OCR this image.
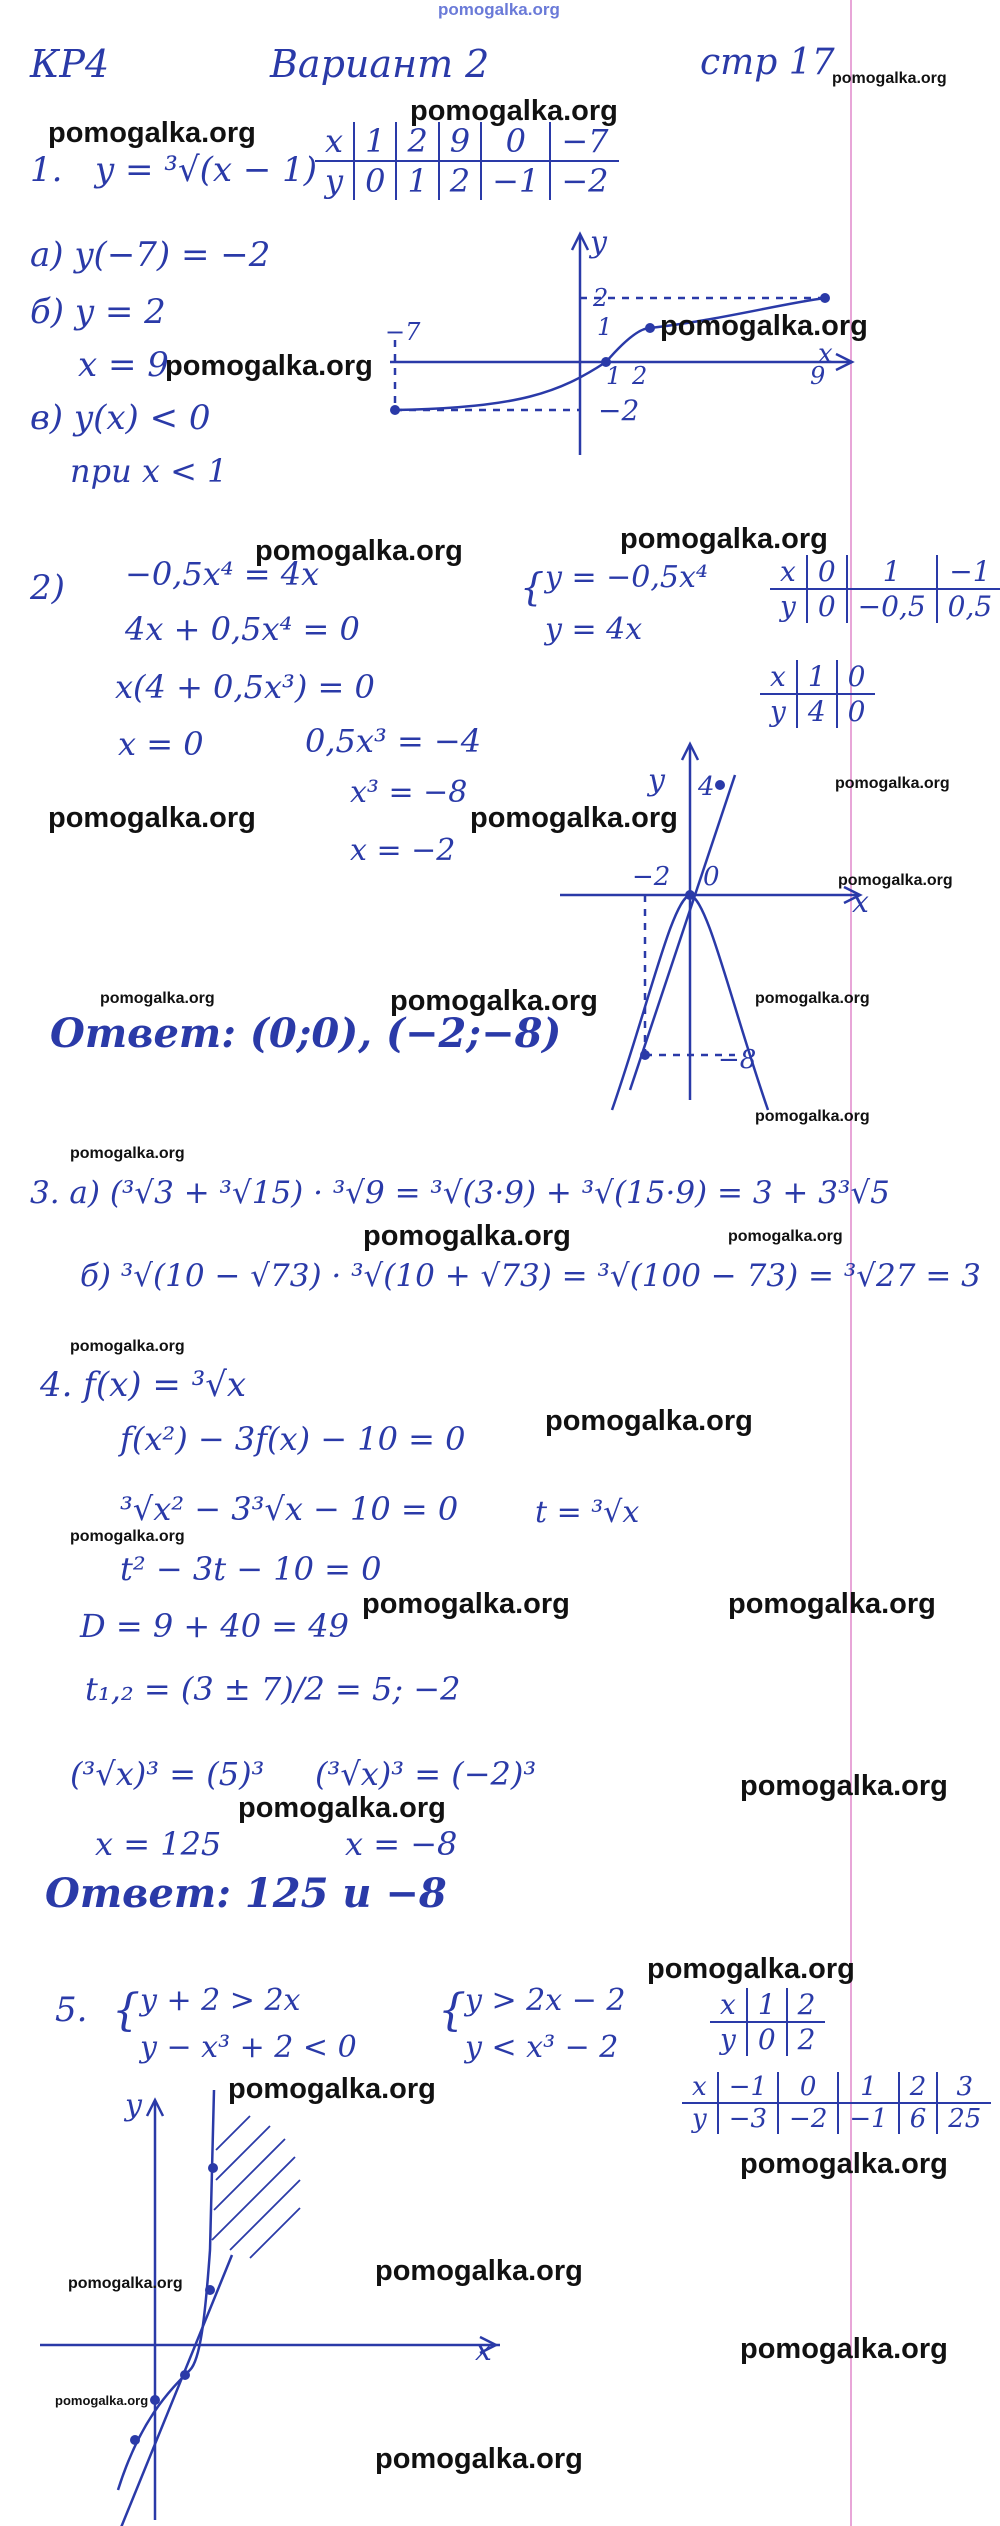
pomogalka.org
КР4	Вариант 2	стр 17
1. y = ³√(x − 1)
x	1	2	9	0	−7
y	0	1	2	−1	−2
а) y(−7) = −2
б) y = 2
x = 9
в) y(x) < 0
при x < 1
y
x
2
1
−7
1 2	9
−2
2) −0,5x⁴ = 4x
4x + 0,5x⁴ = 0
x(4 + 0,5x³) = 0
x = 0	0,5x³ = −4
x³ = −8
x = −2
{ y = −0,5x⁴
y = 4x
x	0	1	−1
y	0	−0,5	0,5
x	1	0
y	4	0
Ответ: (0;0), (−2;−8)
y
x
4
−2 0
−8
3. а) (³√3 + ³√15) · ³√9 = ³√(3·9) + ³√(15·9) = 3 + 3³√5
б) ³√(10 − √73) · ³√(10 + √73) = ³√(100 − 73) = ³√27 = 3
4. f(x) = ³√x
f(x²) − 3f(x) − 10 = 0
³√x² − 3³√x − 10 = 0	t = ³√x
t² − 3t − 10 = 0
D = 9 + 40 = 49
t₁,₂ = (3 ± 7)/2 = 5; −2
(³√x)³ = (5)³ (³√x)³ = (−2)³
x = 125	x = −8
Ответ: 125 и −8
5. { y + 2 > 2x
y − x³ + 2 < 0
{ y > 2x − 2
y < x³ − 2
x	1	2
y	0	2
x	−1	0	1	2	3
y	−3	−2	−1	6	25
y
x
pomogalka.org
pomogalka.org
pomogalka.org
pomogalka.org
pomogalka.org
pomogalka.org	pomogalka.org
pomogalka.org
pomogalka.org	pomogalka.org
pomogalka.org
pomogalka.org	pomogalka.org	pomogalka.org
pomogalka.org
pomogalka.org
pomogalka.org	pomogalka.org
pomogalka.org
pomogalka.org
pomogalka.org
pomogalka.org	pomogalka.org
pomogalka.org
pomogalka.org
pomogalka.org
pomogalka.org
pomogalka.org
pomogalka.org	pomogalka.org
pomogalka.org
pomogalka.org
pomogalka.org
